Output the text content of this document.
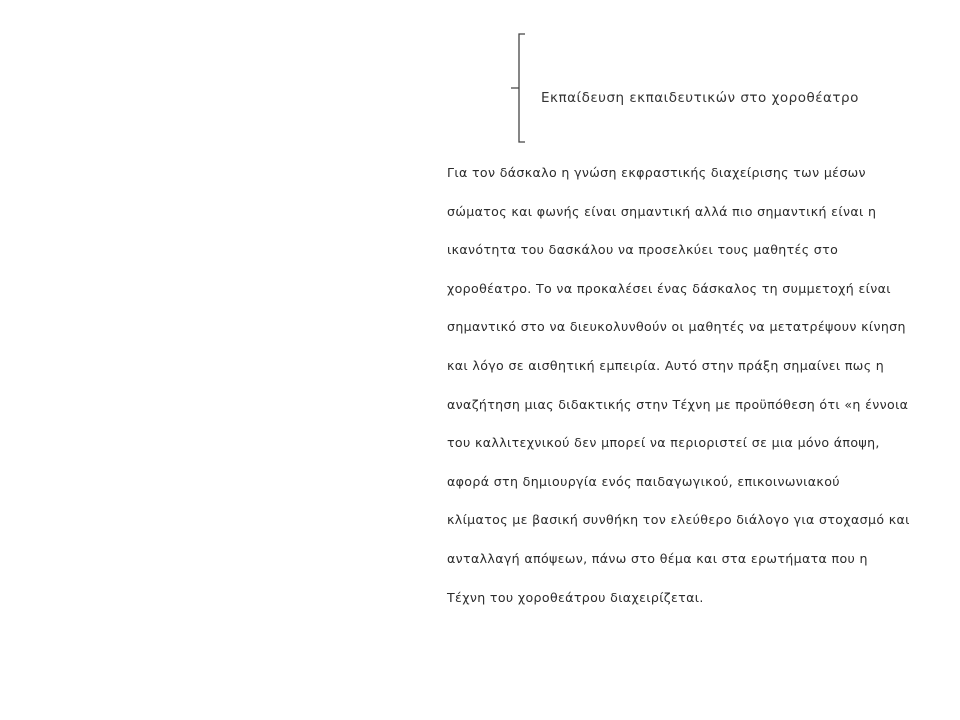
Εκπαίδευση εκπαιδευτικών στο χοροθέατρο
Για τον δάσκαλο η γνώση εκφραστικής διαχείρισης των μέσων
σώματος και φωνής είναι σημαντική αλλά πιο σημαντική είναι η
ικανότητα του δασκάλου να προσελκύει τους μαθητές στο
χοροθέατρο. Το να προκαλέσει ένας δάσκαλος τη συμμετοχή είναι
σημαντικό στο να διευκολυνθούν οι μαθητές να μετατρέψουν κίνηση
και λόγο σε αισθητική εμπειρία. Αυτό στην πράξη σημαίνει πως η
αναζήτηση μιας διδακτικής στην Τέχνη με προϋπόθεση ότι «η έννοια
του καλλιτεχνικού δεν μπορεί να περιοριστεί σε μια μόνο άποψη,
αφορά στη δημιουργία ενός παιδαγωγικού, επικοινωνιακού
κλίματος με βασική συνθήκη τον ελεύθερο διάλογο για στοχασμό και
ανταλλαγή απόψεων, πάνω στο θέμα και στα ερωτήματα που η
Τέχνη του χοροθεάτρου διαχειρίζεται.
